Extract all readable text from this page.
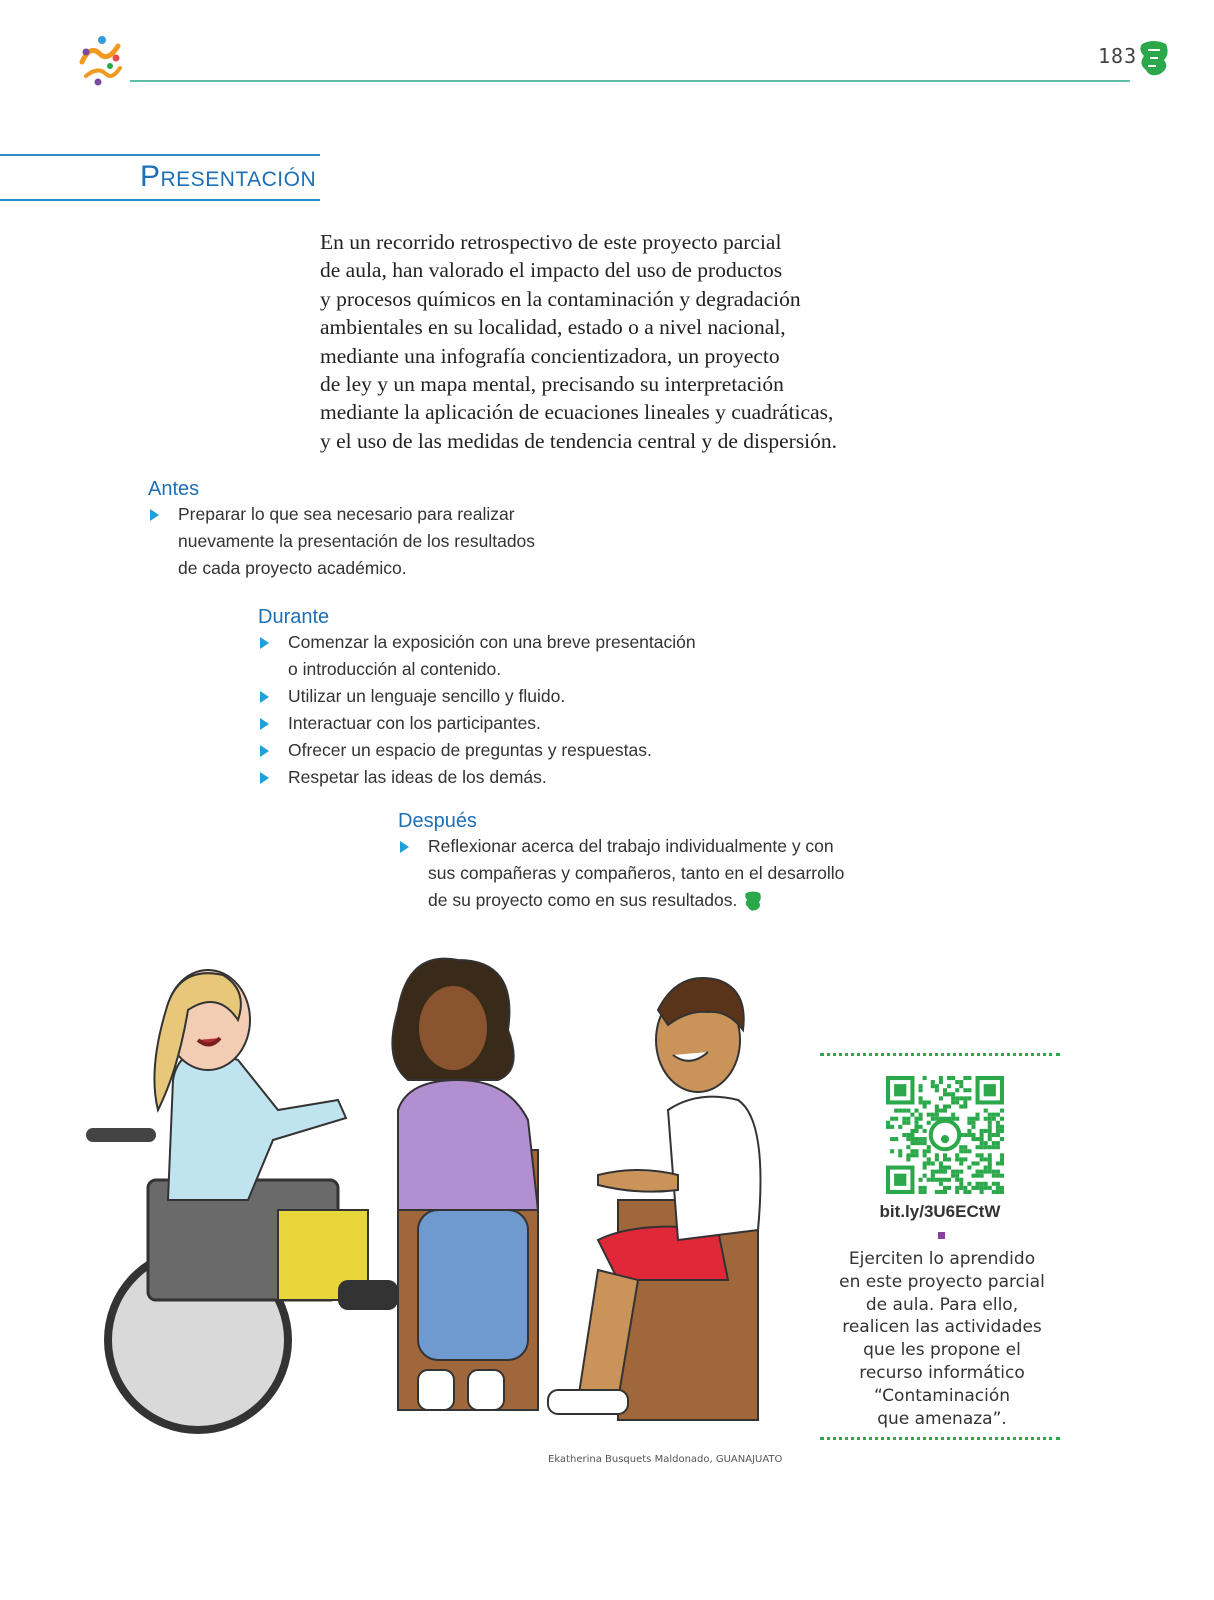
183
Presentación
En un recorrido retrospectivo de este proyecto parcial
de aula, han valorado el impacto del uso de productos
y procesos químicos en la contaminación y degradación
ambientales en su localidad, estado o a nivel nacional,
mediante una infografía concientizadora, un proyecto
de ley y un mapa mental, precisando su interpretación
mediante la aplicación de ecuaciones lineales y cuadráticas,
y el uso de las medidas de tendencia central y de dispersión.
Antes
Preparar lo que sea necesario para realizar
nuevamente la presentación de los resultados
de cada proyecto académico.
Durante
Comenzar la exposición con una breve presentación
o introducción al contenido.
Utilizar un lenguaje sencillo y fluido.
Interactuar con los participantes.
Ofrecer un espacio de preguntas y respuestas.
Respetar las ideas de los demás.
Después
Reflexionar acerca del trabajo individualmente y con
sus compañeras y compañeros, tanto en el desarrollo
de su proyecto como en sus resultados.
Ekatherina Busquets Maldonado, GUANAJUATO
bit.ly/3U6ECtW
Ejerciten lo aprendido
en este proyecto parcial
de aula. Para ello,
realicen las actividades
que les propone el
recurso informático
“Contaminación
que amenaza”.
